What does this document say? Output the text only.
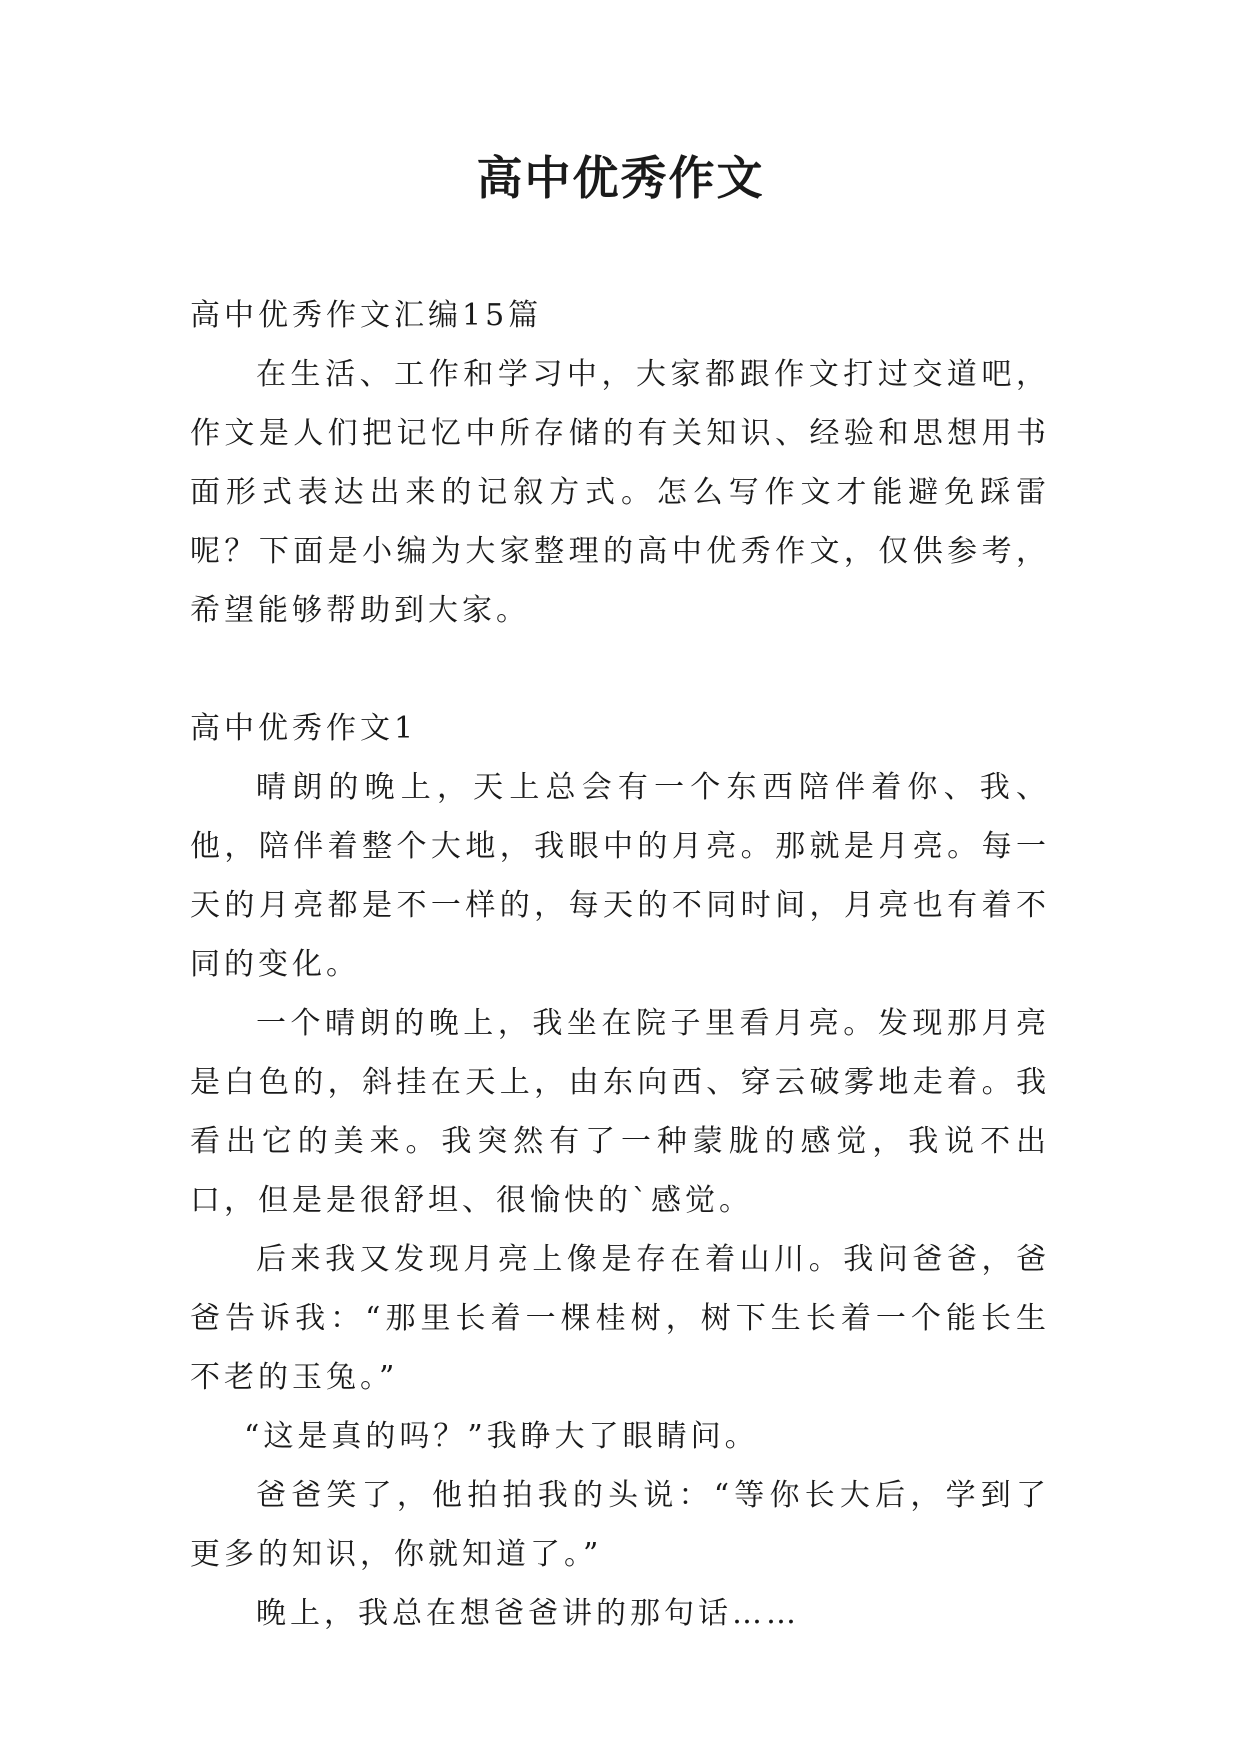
高中优秀作文

高中优秀作文汇编15篇

在生活、工作和学习中，大家都跟作文打过交道吧，作文是人们把记忆中所存储的有关知识、经验和思想用书面形式表达出来的记叙方式。怎么写作文才能避免踩雷呢？下面是小编为大家整理的高中优秀作文，仅供参考，希望能够帮助到大家。

高中优秀作文1

晴朗的晚上，天上总会有一个东西陪伴着你、我、他，陪伴着整个大地，我眼中的月亮。那就是月亮。每一天的月亮都是不一样的，每天的不同时间，月亮也有着不同的变化。

一个晴朗的晚上，我坐在院子里看月亮。发现那月亮是白色的，斜挂在天上，由东向西、穿云破雾地走着。我看出它的美来。我突然有了一种蒙胧的感觉，我说不出口，但是是很舒坦、很愉快的`感觉。

后来我又发现月亮上像是存在着山川。我问爸爸，爸爸告诉我：“那里长着一棵桂树，树下生长着一个能长生不老的玉兔。”

“这是真的吗？”我睁大了眼睛问。

爸爸笑了，他拍拍我的头说：“等你长大后，学到了更多的知识，你就知道了。”

晚上，我总在想爸爸讲的那句话……
